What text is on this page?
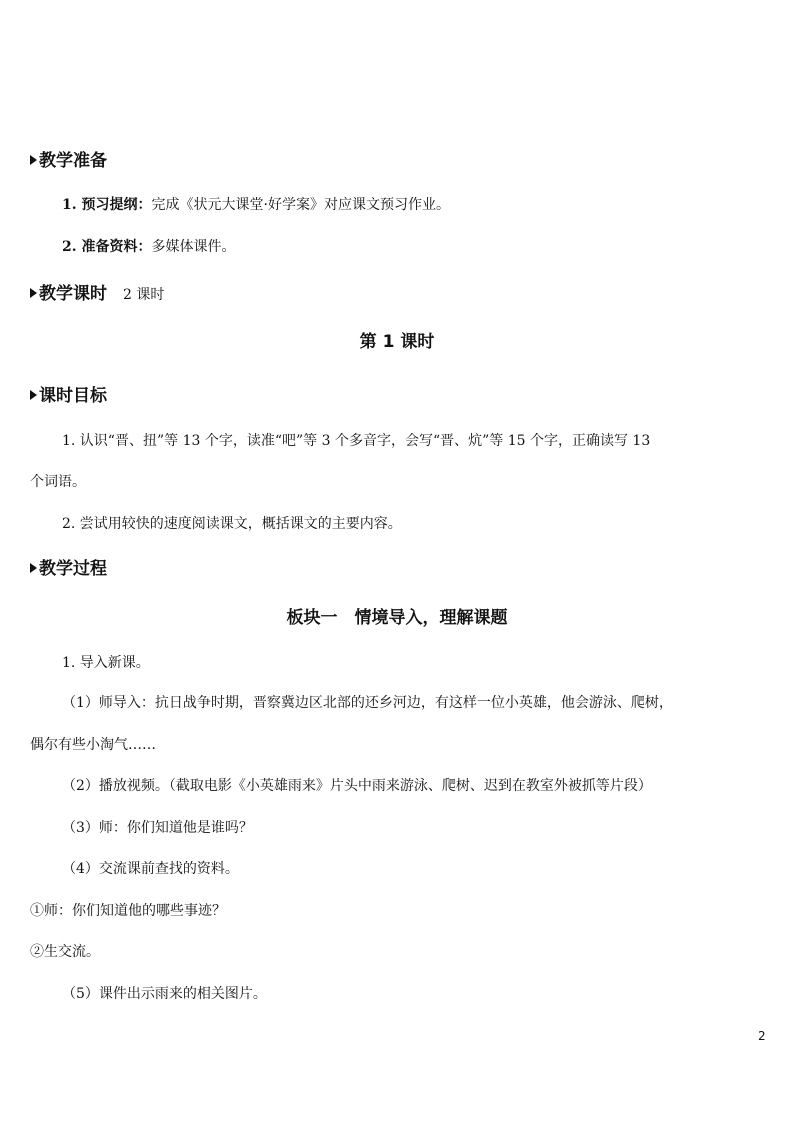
教学准备
1. 预习提纲：完成《状元大课堂·好学案》对应课文预习作业。
2. 准备资料：多媒体课件。
教学课时 2 课时
第 1 课时
课时目标
1. 认识“晋、扭”等 13 个字，读准“吧”等 3 个多音字，会写“晋、炕”等 15 个字，正确读写 13
个词语。
2. 尝试用较快的速度阅读课文，概括课文的主要内容。
教学过程
板块一　情境导入，理解课题
1. 导入新课。
（1）师导入：抗日战争时期，晋察冀边区北部的还乡河边，有这样一位小英雄，他会游泳、爬树，
偶尔有些小淘气……
（2）播放视频。（截取电影《小英雄雨来》片头中雨来游泳、爬树、迟到在教室外被抓等片段）
（3）师：你们知道他是谁吗？
（4）交流课前查找的资料。
①师：你们知道他的哪些事迹？
②生交流。
（5）课件出示雨来的相关图片。
2
